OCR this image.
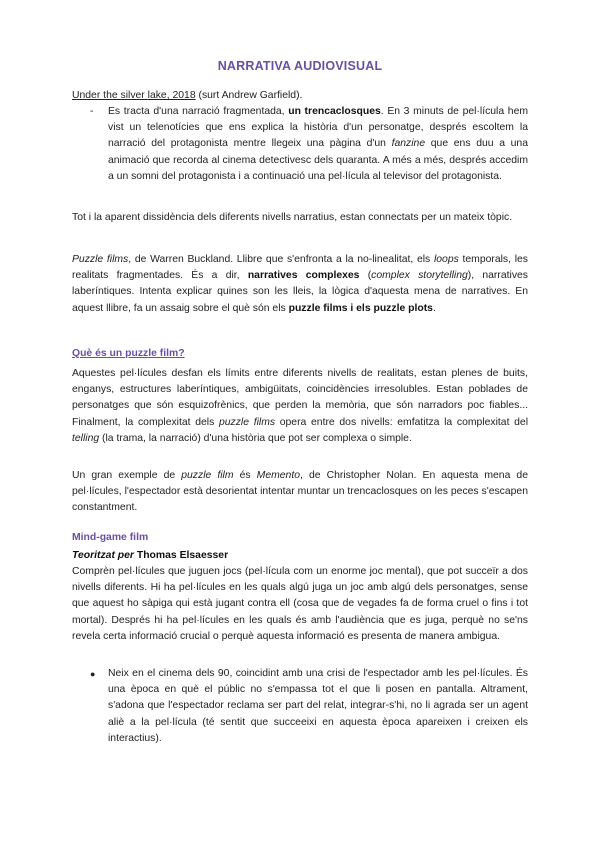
NARRATIVA AUDIOVISUAL

Under the silver lake, 2018 (surt Andrew Garfield).

- Es tracta d'una narració fragmentada, un trencaclosques. En 3 minuts de pel·lícula hem vist un telenotícies que ens explica la història d'un personatge, després escoltem la narració del protagonista mentre llegeix una pàgina d'un fanzine que ens duu a una animació que recorda al cinema detectivesc dels quaranta. A més a més, després accedim a un somni del protagonista i a continuació una pel·lícula al televisor del protagonista.

Tot i la aparent dissidència dels diferents nivells narratius, estan connectats per un mateix tòpic.

Puzzle films, de Warren Buckland. Llibre que s'enfronta a la no-linealitat, els loops temporals, les realitats fragmentades. És a dir, narratives complexes (complex storytelling), narratives laberíntiques. Intenta explicar quines son les lleis, la lògica d'aquesta mena de narratives. En aquest llibre, fa un assaig sobre el què són els puzzle films i els puzzle plots.

Què és un puzzle film?

Aquestes pel·lícules desfan els límits entre diferents nivells de realitats, estan plenes de buits, enganys, estructures laberíntiques, ambigüitats, coincidències irresolubles. Estan poblades de personatges que són esquizofrènics, que perden la memòria, que són narradors poc fiables... Finalment, la complexitat dels puzzle films opera entre dos nivells: emfatitza la complexitat del telling (la trama, la narració) d'una història que pot ser complexa o simple.

Un gran exemple de puzzle film és Memento, de Christopher Nolan. En aquesta mena de pel·lícules, l'espectador està desorientat intentar muntar un trencaclosques on les peces s'escapen constantment.

Mind-game film

Teoritzat per Thomas Elsaesser

Comprèn pel·lícules que juguen jocs (pel·lícula com un enorme joc mental), que pot succeïr a dos nivells diferents. Hi ha pel·lícules en les quals algú juga un joc amb algú dels personatges, sense que aquest ho sàpiga qui està jugant contra ell (cosa que de vegades fa de forma cruel o fins i tot mortal). Després hi ha pel·lícules en les quals és amb l'audiència que es juga, perquè no se'ns revela certa informació crucial o perquè aquesta informació es presenta de manera ambigua.

● Neix en el cinema dels 90, coincidint amb una crisi de l'espectador amb les pel·lícules. És una època en què el públic no s'empassa tot el que li posen en pantalla. Altrament, s'adona que l'espectador reclama ser part del relat, integrar-s'hi, no li agrada ser un agent aliè a la pel·lícula (té sentit que succeeixi en aquesta època apareixen i creixen els interactius).
